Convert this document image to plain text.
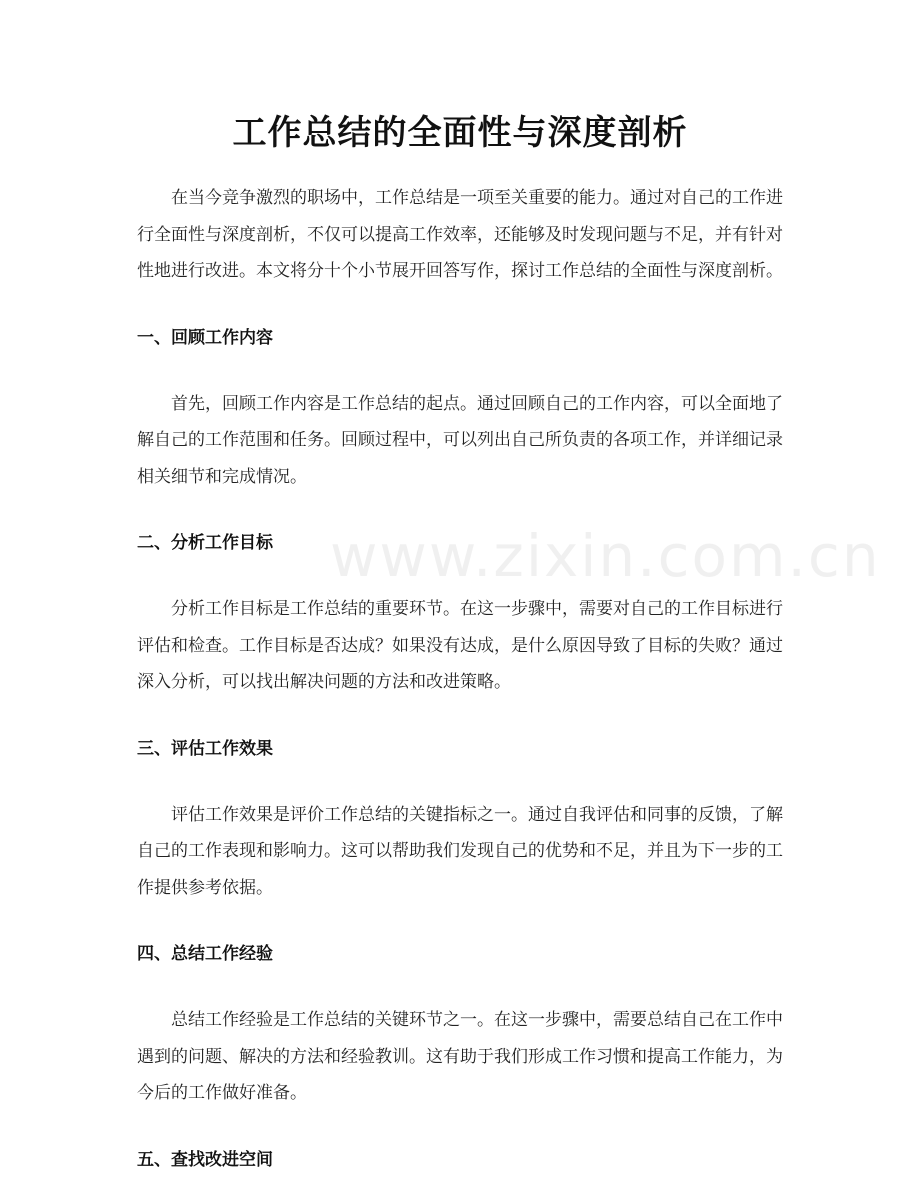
www.zixin.com.cn
工作总结的全面性与深度剖析

在当今竞争激烈的职场中，工作总结是一项至关重要的能力。通过对自己的工作进行全面性与深度剖析，不仅可以提高工作效率，还能够及时发现问题与不足，并有针对性地进行改进。本文将分十个小节展开回答写作，探讨工作总结的全面性与深度剖析。

一、回顾工作内容

首先，回顾工作内容是工作总结的起点。通过回顾自己的工作内容，可以全面地了解自己的工作范围和任务。回顾过程中，可以列出自己所负责的各项工作，并详细记录相关细节和完成情况。

二、分析工作目标

分析工作目标是工作总结的重要环节。在这一步骤中，需要对自己的工作目标进行评估和检查。工作目标是否达成？如果没有达成，是什么原因导致了目标的失败？通过深入分析，可以找出解决问题的方法和改进策略。

三、评估工作效果

评估工作效果是评价工作总结的关键指标之一。通过自我评估和同事的反馈，了解自己的工作表现和影响力。这可以帮助我们发现自己的优势和不足，并且为下一步的工作提供参考依据。

四、总结工作经验

总结工作经验是工作总结的关键环节之一。在这一步骤中，需要总结自己在工作中遇到的问题、解决的方法和经验教训。这有助于我们形成工作习惯和提高工作能力，为今后的工作做好准备。

五、查找改进空间
